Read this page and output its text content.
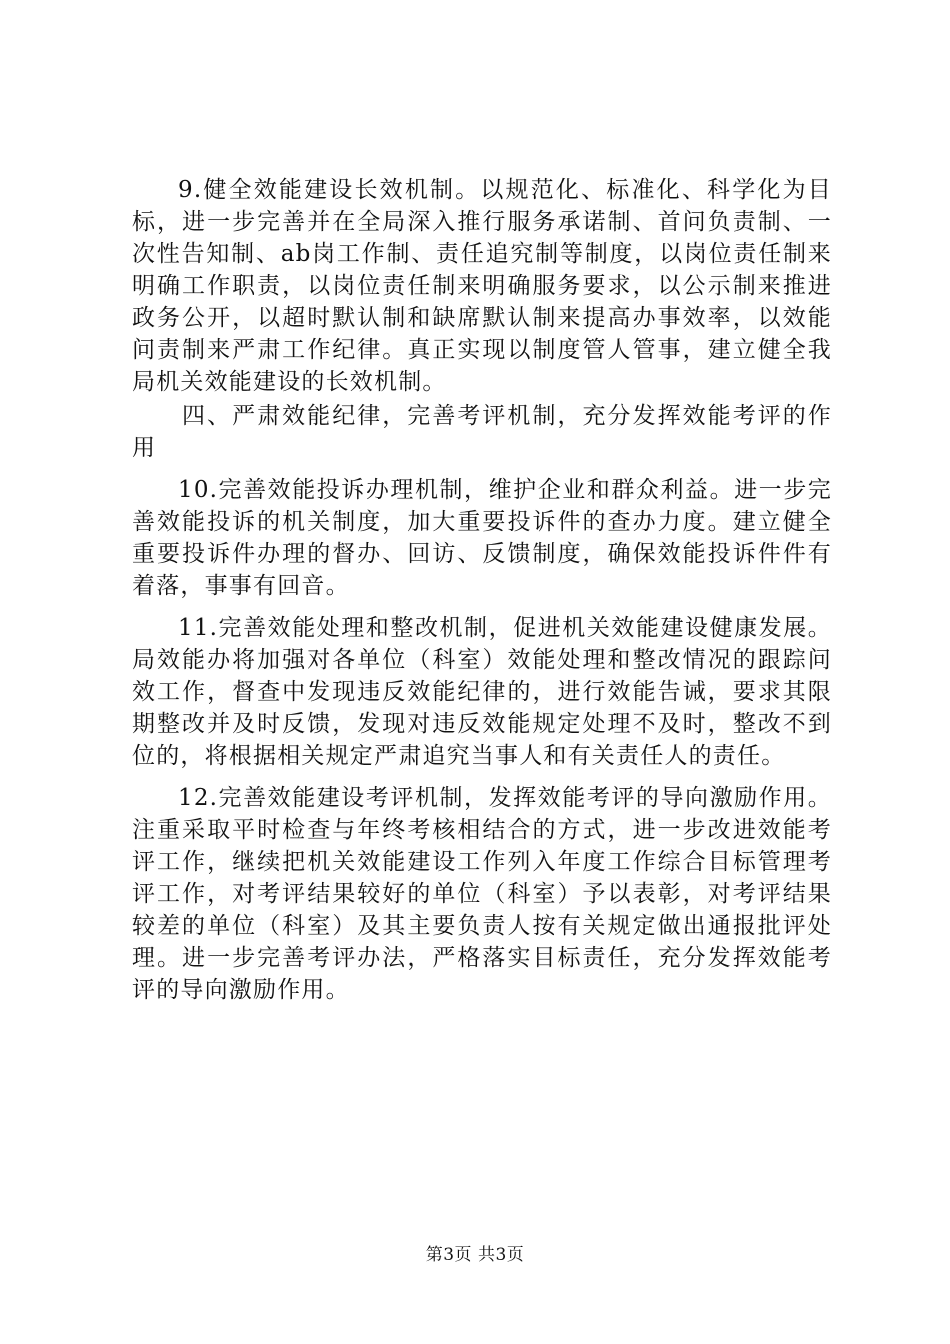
9.健全效能建设长效机制。以规范化、标准化、科学化为目标，进一步完善并在全局深入推行服务承诺制、首问负责制、一次性告知制、ab岗工作制、责任追究制等制度，以岗位责任制来明确工作职责，以岗位责任制来明确服务要求，以公示制来推进政务公开，以超时默认制和缺席默认制来提高办事效率，以效能问责制来严肃工作纪律。真正实现以制度管人管事，建立健全我局机关效能建设的长效机制。

四、严肃效能纪律，完善考评机制，充分发挥效能考评的作用

10.完善效能投诉办理机制，维护企业和群众利益。进一步完善效能投诉的机关制度，加大重要投诉件的查办力度。建立健全重要投诉件办理的督办、回访、反馈制度，确保效能投诉件件有着落，事事有回音。

11.完善效能处理和整改机制，促进机关效能建设健康发展。局效能办将加强对各单位（科室）效能处理和整改情况的跟踪问效工作，督查中发现违反效能纪律的，进行效能告诫，要求其限期整改并及时反馈，发现对违反效能规定处理不及时，整改不到位的，将根据相关规定严肃追究当事人和有关责任人的责任。

12.完善效能建设考评机制，发挥效能考评的导向激励作用。注重采取平时检查与年终考核相结合的方式，进一步改进效能考评工作，继续把机关效能建设工作列入年度工作综合目标管理考评工作，对考评结果较好的单位（科室）予以表彰，对考评结果较差的单位（科室）及其主要负责人按有关规定做出通报批评处理。进一步完善考评办法，严格落实目标责任，充分发挥效能考评的导向激励作用。

第3页 共3页
